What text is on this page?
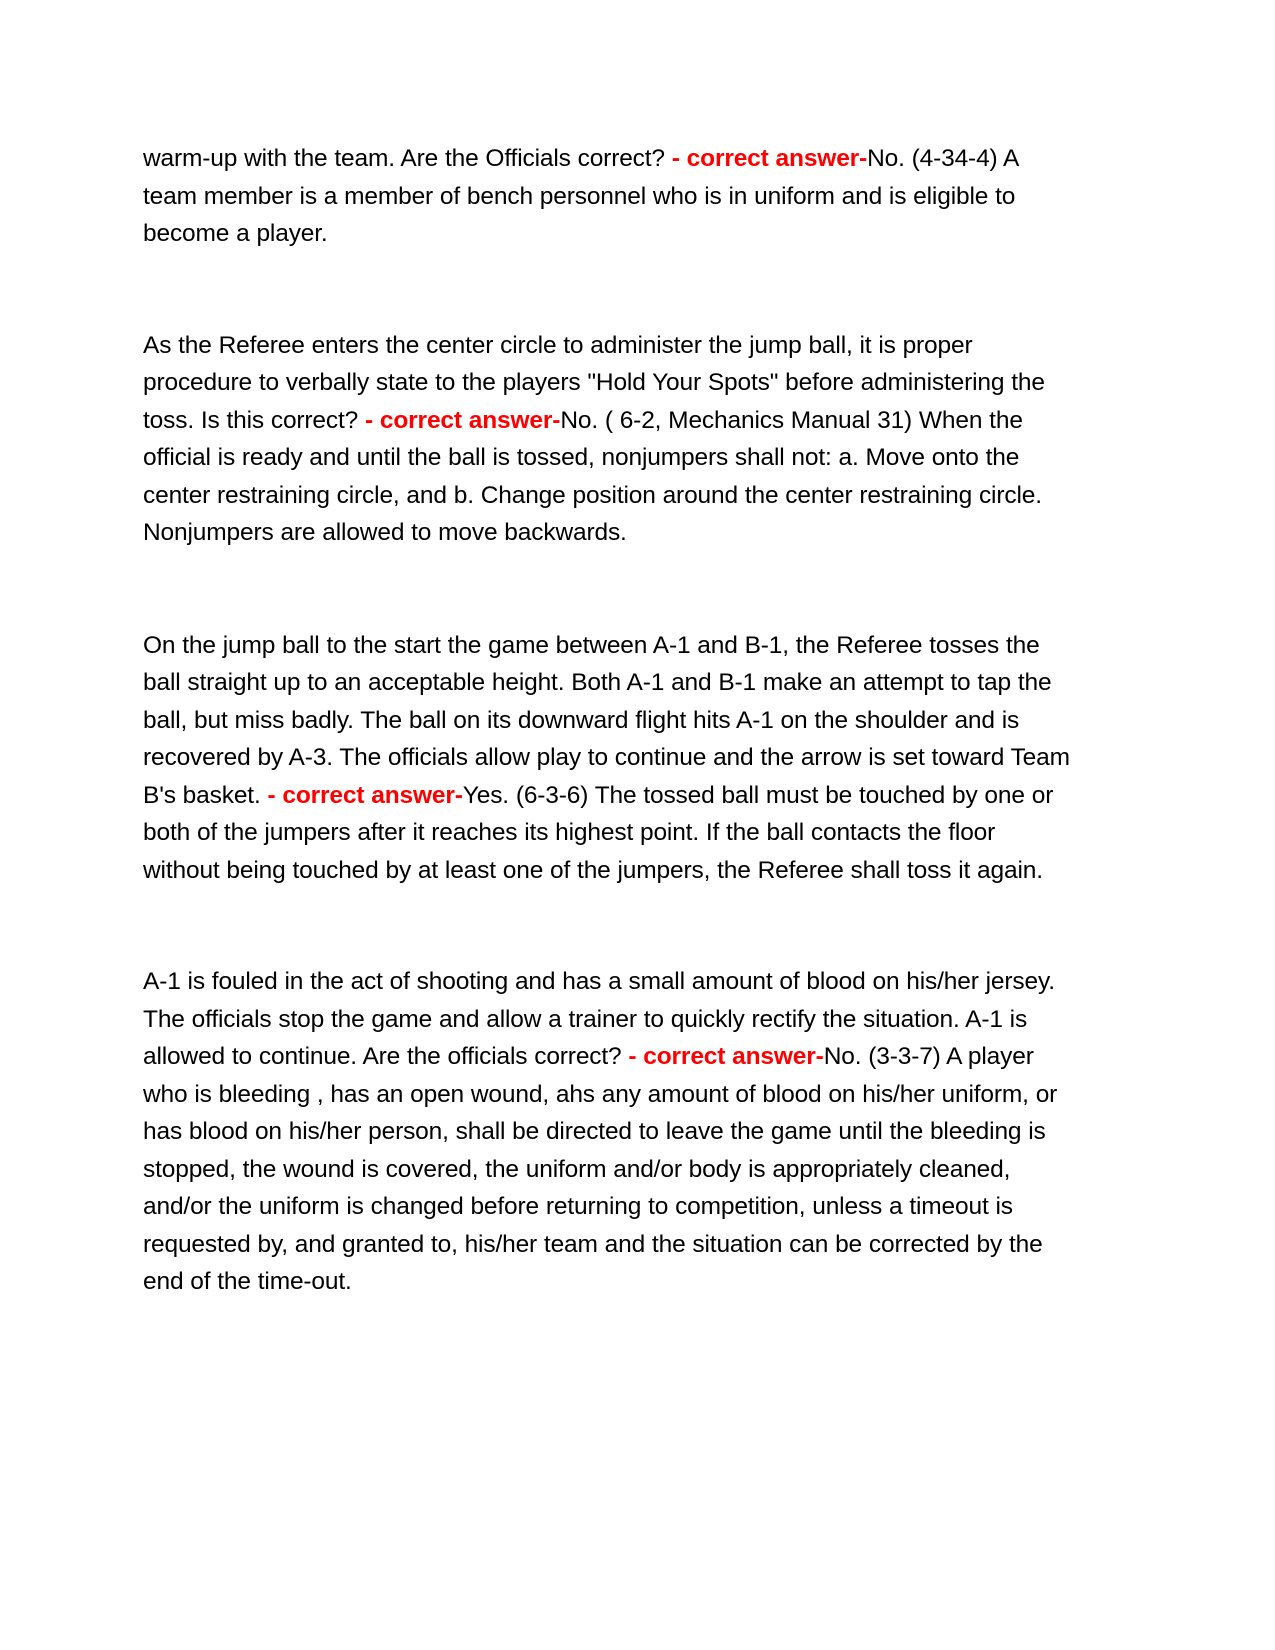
warm-up with the team. Are the Officials correct? - correct answer-No. (4-34-4) A team member is a member of bench personnel who is in uniform and is eligible to become a player.

As the Referee enters the center circle to administer the jump ball, it is proper procedure to verbally state to the players "Hold Your Spots" before administering the toss. Is this correct? - correct answer-No. ( 6-2, Mechanics Manual 31) When the official is ready and until the ball is tossed, nonjumpers shall not: a. Move onto the center restraining circle, and b. Change position around the center restraining circle. Nonjumpers are allowed to move backwards.

On the jump ball to the start the game between A-1 and B-1, the Referee tosses the ball straight up to an acceptable height. Both A-1 and B-1 make an attempt to tap the ball, but miss badly. The ball on its downward flight hits A-1 on the shoulder and is recovered by A-3. The officials allow play to continue and the arrow is set toward Team B's basket. - correct answer-Yes. (6-3-6) The tossed ball must be touched by one or both of the jumpers after it reaches its highest point. If the ball contacts the floor without being touched by at least one of the jumpers, the Referee shall toss it again.

A-1 is fouled in the act of shooting and has a small amount of blood on his/her jersey. The officials stop the game and allow a trainer to quickly rectify the situation. A-1 is allowed to continue. Are the officials correct? - correct answer-No. (3-3-7) A player who is bleeding , has an open wound, ahs any amount of blood on his/her uniform, or has blood on his/her person, shall be directed to leave the game until the bleeding is stopped, the wound is covered, the uniform and/or body is appropriately cleaned, and/or the uniform is changed before returning to competition, unless a timeout is requested by, and granted to, his/her team and the situation can be corrected by the end of the time-out.
